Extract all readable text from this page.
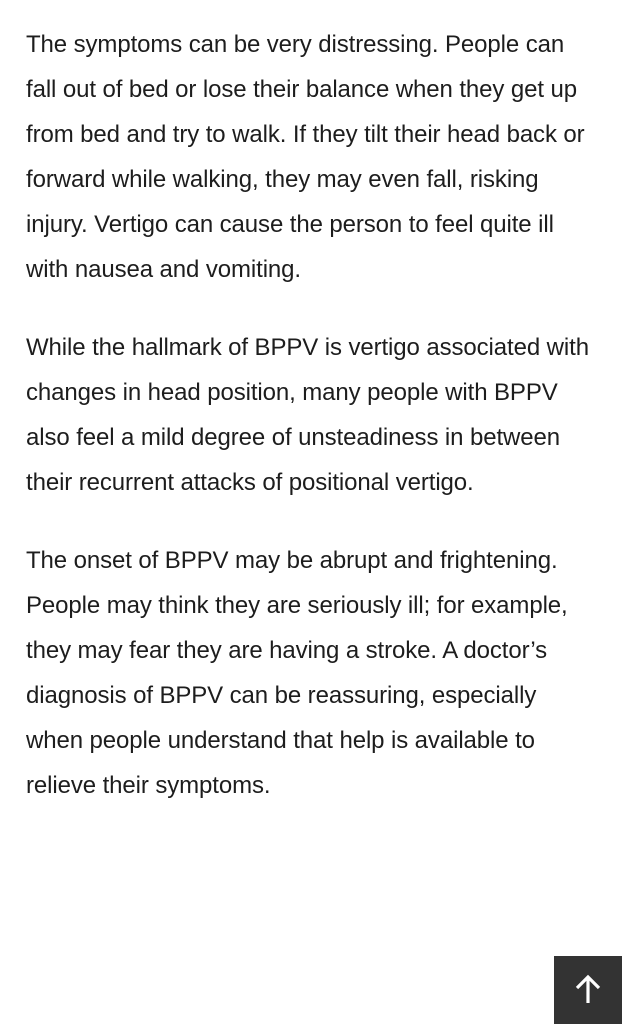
The symptoms can be very distressing. People can fall out of bed or lose their balance when they get up from bed and try to walk. If they tilt their head back or forward while walking, they may even fall, risking injury. Vertigo can cause the person to feel quite ill with nausea and vomiting.

While the hallmark of BPPV is vertigo associated with changes in head position, many people with BPPV also feel a mild degree of unsteadiness in between their recurrent attacks of positional vertigo.

The onset of BPPV may be abrupt and frightening. People may think they are seriously ill; for example, they may fear they are having a stroke. A doctor’s diagnosis of BPPV can be reassuring, especially when people understand that help is available to relieve their symptoms.
